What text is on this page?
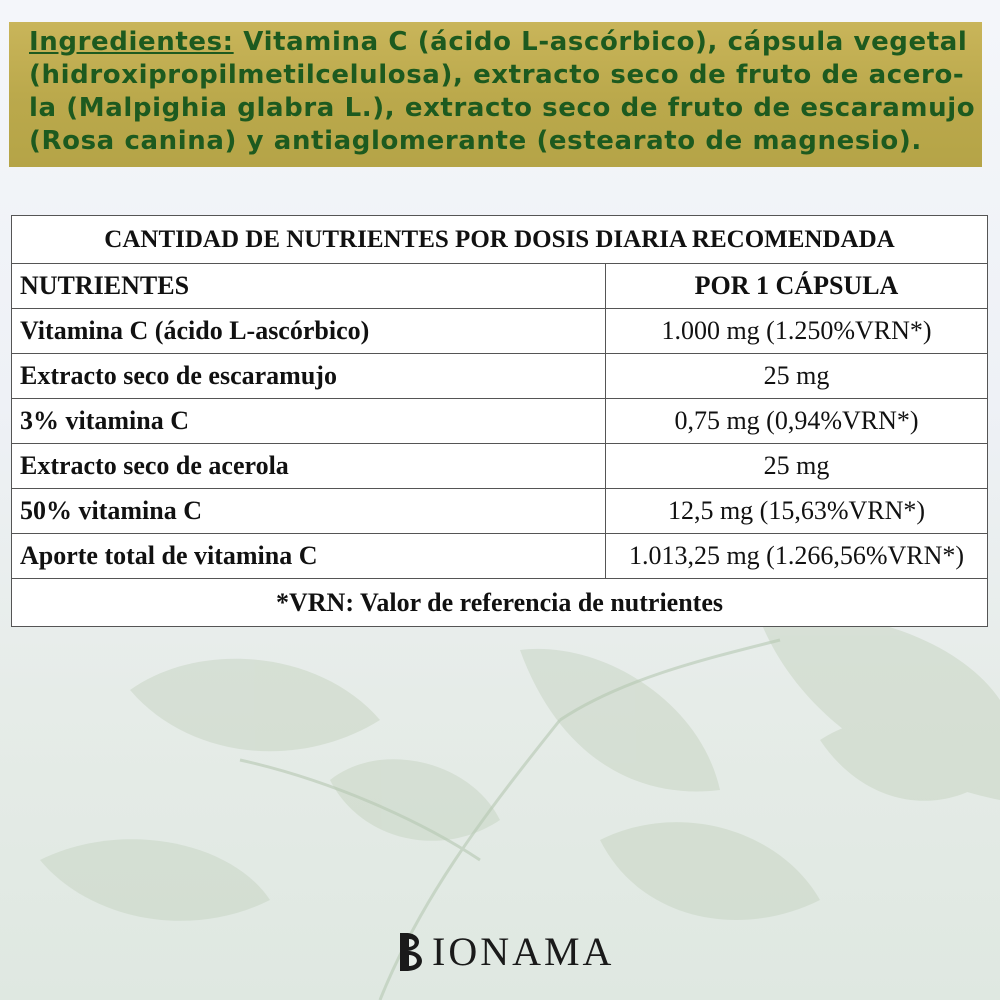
Ingredientes: Vitamina C (ácido L-ascórbico), cápsula vegetal
(hidroxipropilmetilcelulosa), extracto seco de fruto de acero-
la (Malpighia glabra L.), extracto seco de fruto de escaramujo
(Rosa canina) y antiaglomerante (estearato de magnesio).
CANTIDAD DE NUTRIENTES POR DOSIS DIARIA RECOMENDADA	
NUTRIENTES	POR 1 CÁPSULA
Vitamina C (ácido L-ascórbico)	1.000 mg (1.250%VRN*)
Extracto seco de escaramujo	25 mg
3% vitamina C	0,75 mg (0,94%VRN*)
Extracto seco de acerola	25 mg
50% vitamina C	12,5 mg (15,63%VRN*)
Aporte total de vitamina C	1.013,25 mg (1.266,56%VRN*)
*VRN: Valor de referencia de nutrientes	
IONAMA
